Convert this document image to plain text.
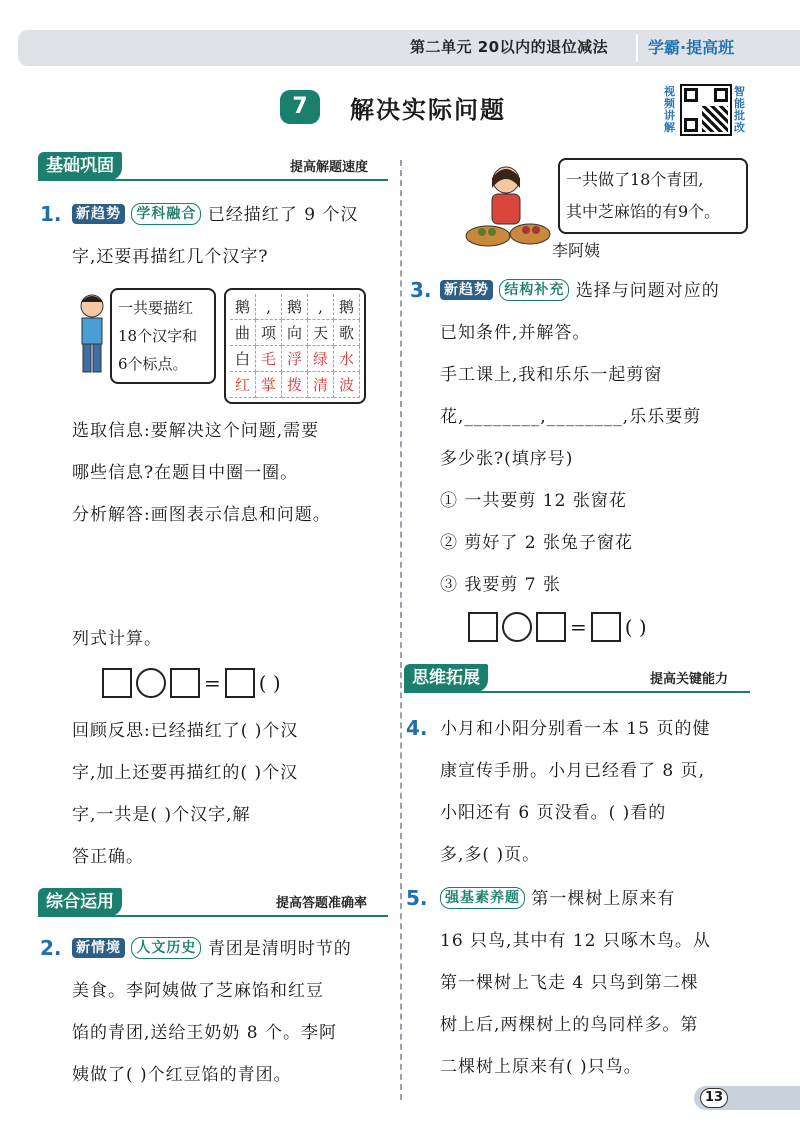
第二单元 20以内的退位减法 学霸·提高班
7	解决实际问题
视频讲解
智能批改
基础巩固	提高解题速度
1. 新趋势 学科融合 已经描红了 9 个汉
字,还要再描红几个汉字?
一共要描红
18个汉字和
6个标点。
鹅	,	鹅	,	鹅
曲 项 向 天 歌
白 毛 浮 绿 水
红 掌 拨 清 波
选取信息:要解决这个问题,需要
哪些信息?在题目中圈一圈。
分析解答:画图表示信息和问题。
列式计算。
= ( )
回顾反思:已经描红了( )个汉
字,加上还要再描红的( )个汉
字,一共是( )个汉字,解
答正确。
综合运用	提高答题准确率
2. 新情境 人文历史 青团是清明时节的
美食。李阿姨做了芝麻馅和红豆
馅的青团,送给王奶奶 8 个。李阿
姨做了( )个红豆馅的青团。
一共做了18个青团,
其中芝麻馅的有9个。
李阿姨
3. 新趋势 结构补充 选择与问题对应的
已知条件,并解答。
手工课上,我和乐乐一起剪窗
花,________,________,乐乐要剪
多少张?(填序号)
① 一共要剪 12 张窗花
② 剪好了 2 张兔子窗花
③ 我要剪 7 张
= ( )
思维拓展	提高关键能力
4. 小月和小阳分别看一本 15 页的健
康宣传手册。小月已经看了 8 页,
小阳还有 6 页没看。( )看的
多,多( )页。
5.	强基素养题 第一棵树上原来有
16 只鸟,其中有 12 只啄木鸟。从
第一棵树上飞走 4 只鸟到第二棵
树上后,两棵树上的鸟同样多。第
二棵树上原来有( )只鸟。
13
